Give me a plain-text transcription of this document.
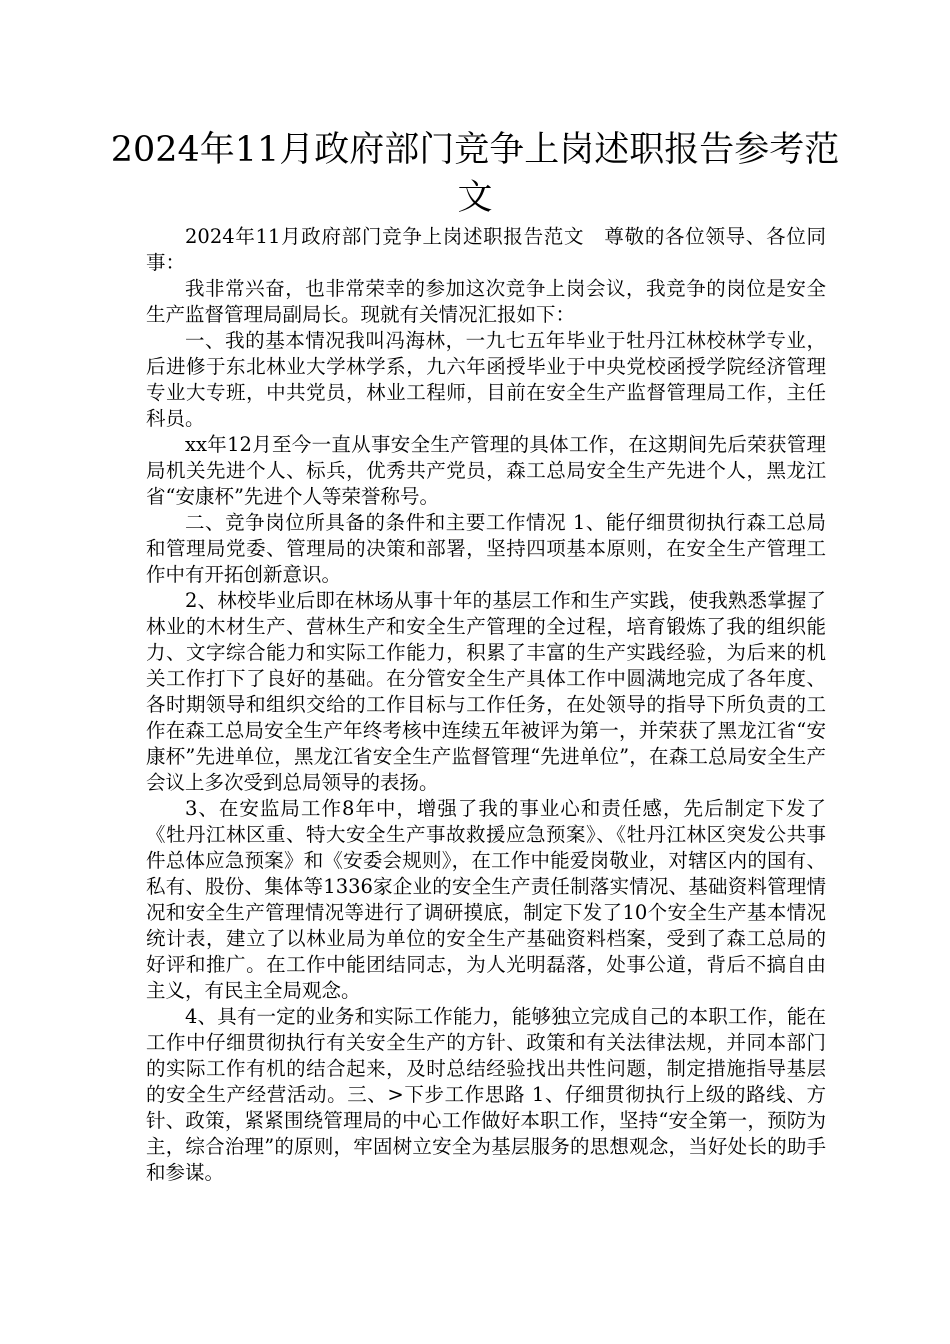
2024年11月政府部门竞争上岗述职报告参考范文

2024年11月政府部门竞争上岗述职报告范文　尊敬的各位领导、各位同事：

我非常兴奋，也非常荣幸的参加这次竞争上岗会议，我竞争的岗位是安全生产监督管理局副局长。现就有关情况汇报如下：

一、我的基本情况我叫冯海林，一九七五年毕业于牡丹江林校林学专业，后进修于东北林业大学林学系，九六年函授毕业于中央党校函授学院经济管理专业大专班，中共党员，林业工程师，目前在安全生产监督管理局工作，主任科员。

xx年12月至今一直从事安全生产管理的具体工作，在这期间先后荣获管理局机关先进个人、标兵，优秀共产党员，森工总局安全生产先进个人，黑龙江省“安康杯”先进个人等荣誉称号。

二、竞争岗位所具备的条件和主要工作情况 1、能仔细贯彻执行森工总局和管理局党委、管理局的决策和部署，坚持四项基本原则，在安全生产管理工作中有开拓创新意识。

2、林校毕业后即在林场从事十年的基层工作和生产实践，使我熟悉掌握了林业的木材生产、营林生产和安全生产管理的全过程，培育锻炼了我的组织能力、文字综合能力和实际工作能力，积累了丰富的生产实践经验，为后来的机关工作打下了良好的基础。在分管安全生产具体工作中圆满地完成了各年度、各时期领导和组织交给的工作目标与工作任务，在处领导的指导下所负责的工作在森工总局安全生产年终考核中连续五年被评为第一，并荣获了黑龙江省“安康杯”先进单位，黑龙江省安全生产监督管理“先进单位”，在森工总局安全生产会议上多次受到总局领导的表扬。

3、在安监局工作8年中，增强了我的事业心和责任感，先后制定下发了《牡丹江林区重、特大安全生产事故救援应急预案》、《牡丹江林区突发公共事件总体应急预案》和《安委会规则》，在工作中能爱岗敬业，对辖区内的国有、私有、股份、集体等1336家企业的安全生产责任制落实情况、基础资料管理情况和安全生产管理情况等进行了调研摸底，制定下发了10个安全生产基本情况统计表，建立了以林业局为单位的安全生产基础资料档案，受到了森工总局的好评和推广。在工作中能团结同志，为人光明磊落，处事公道，背后不搞自由主义，有民主全局观念。

4、具有一定的业务和实际工作能力，能够独立完成自己的本职工作，能在工作中仔细贯彻执行有关安全生产的方针、政策和有关法律法规，并同本部门的实际工作有机的结合起来，及时总结经验找出共性问题，制定措施指导基层的安全生产经营活动。三、>下步工作思路 1、仔细贯彻执行上级的路线、方针、政策，紧紧围绕管理局的中心工作做好本职工作，坚持“安全第一，预防为主，综合治理”的原则，牢固树立安全为基层服务的思想观念，当好处长的助手和参谋。
